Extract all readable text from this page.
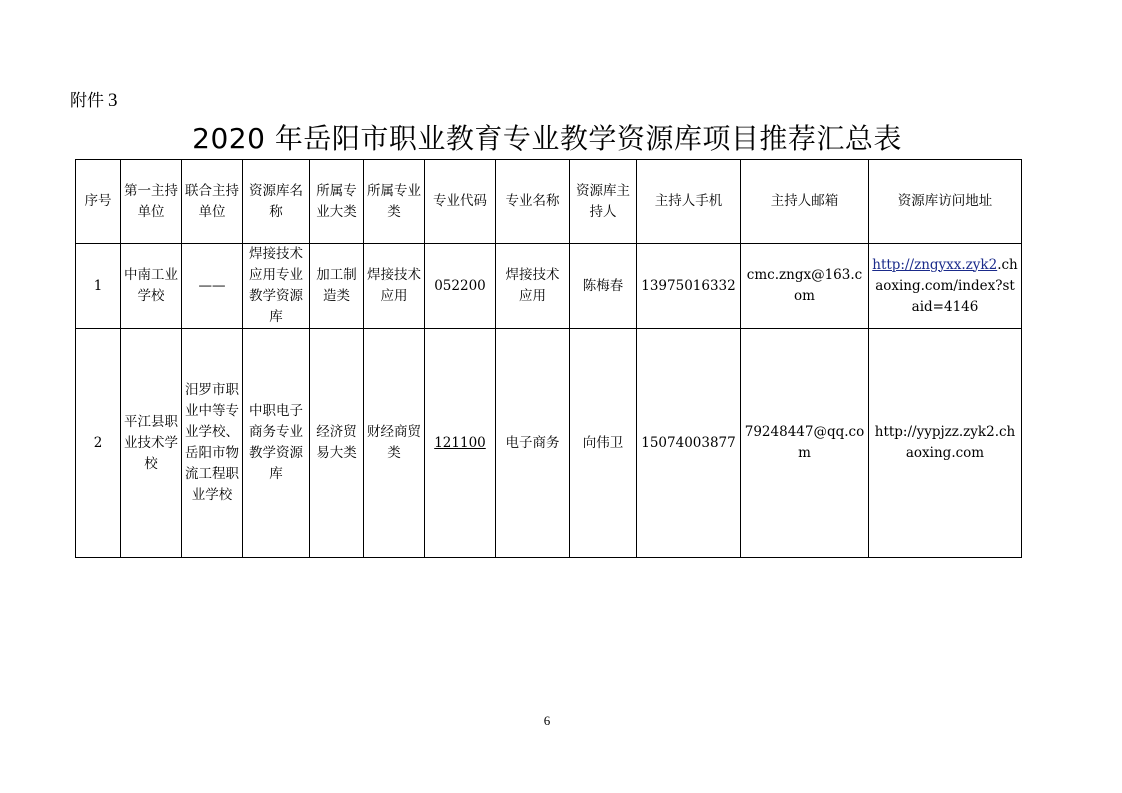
附件 3
2020 年岳阳市职业教育专业教学资源库项目推荐汇总表
序号	第一主持单位	联合主持单位	资源库名称	所属专业大类	所属专业类	专业代码	专业名称	资源库主持人	主持人手机	主持人邮箱	资源库访问地址
1	中南工业学校	——	焊接技术应用专业教学资源库	加工制造类	焊接技术应用	052200	焊接技术应用	陈梅春	13975016332	cmc.zngx@163.com	http://zngyxx.zyk2.chaoxing.com/index?staid=4146
2	平江县职业技术学校	汨罗市职业中等专业学校、岳阳市物流工程职业学校	中职电子商务专业教学资源库	经济贸易大类	财经商贸类	121100	电子商务	向伟卫	15074003877	79248447@qq.com	http://yypjzz.zyk2.chaoxing.com
6
